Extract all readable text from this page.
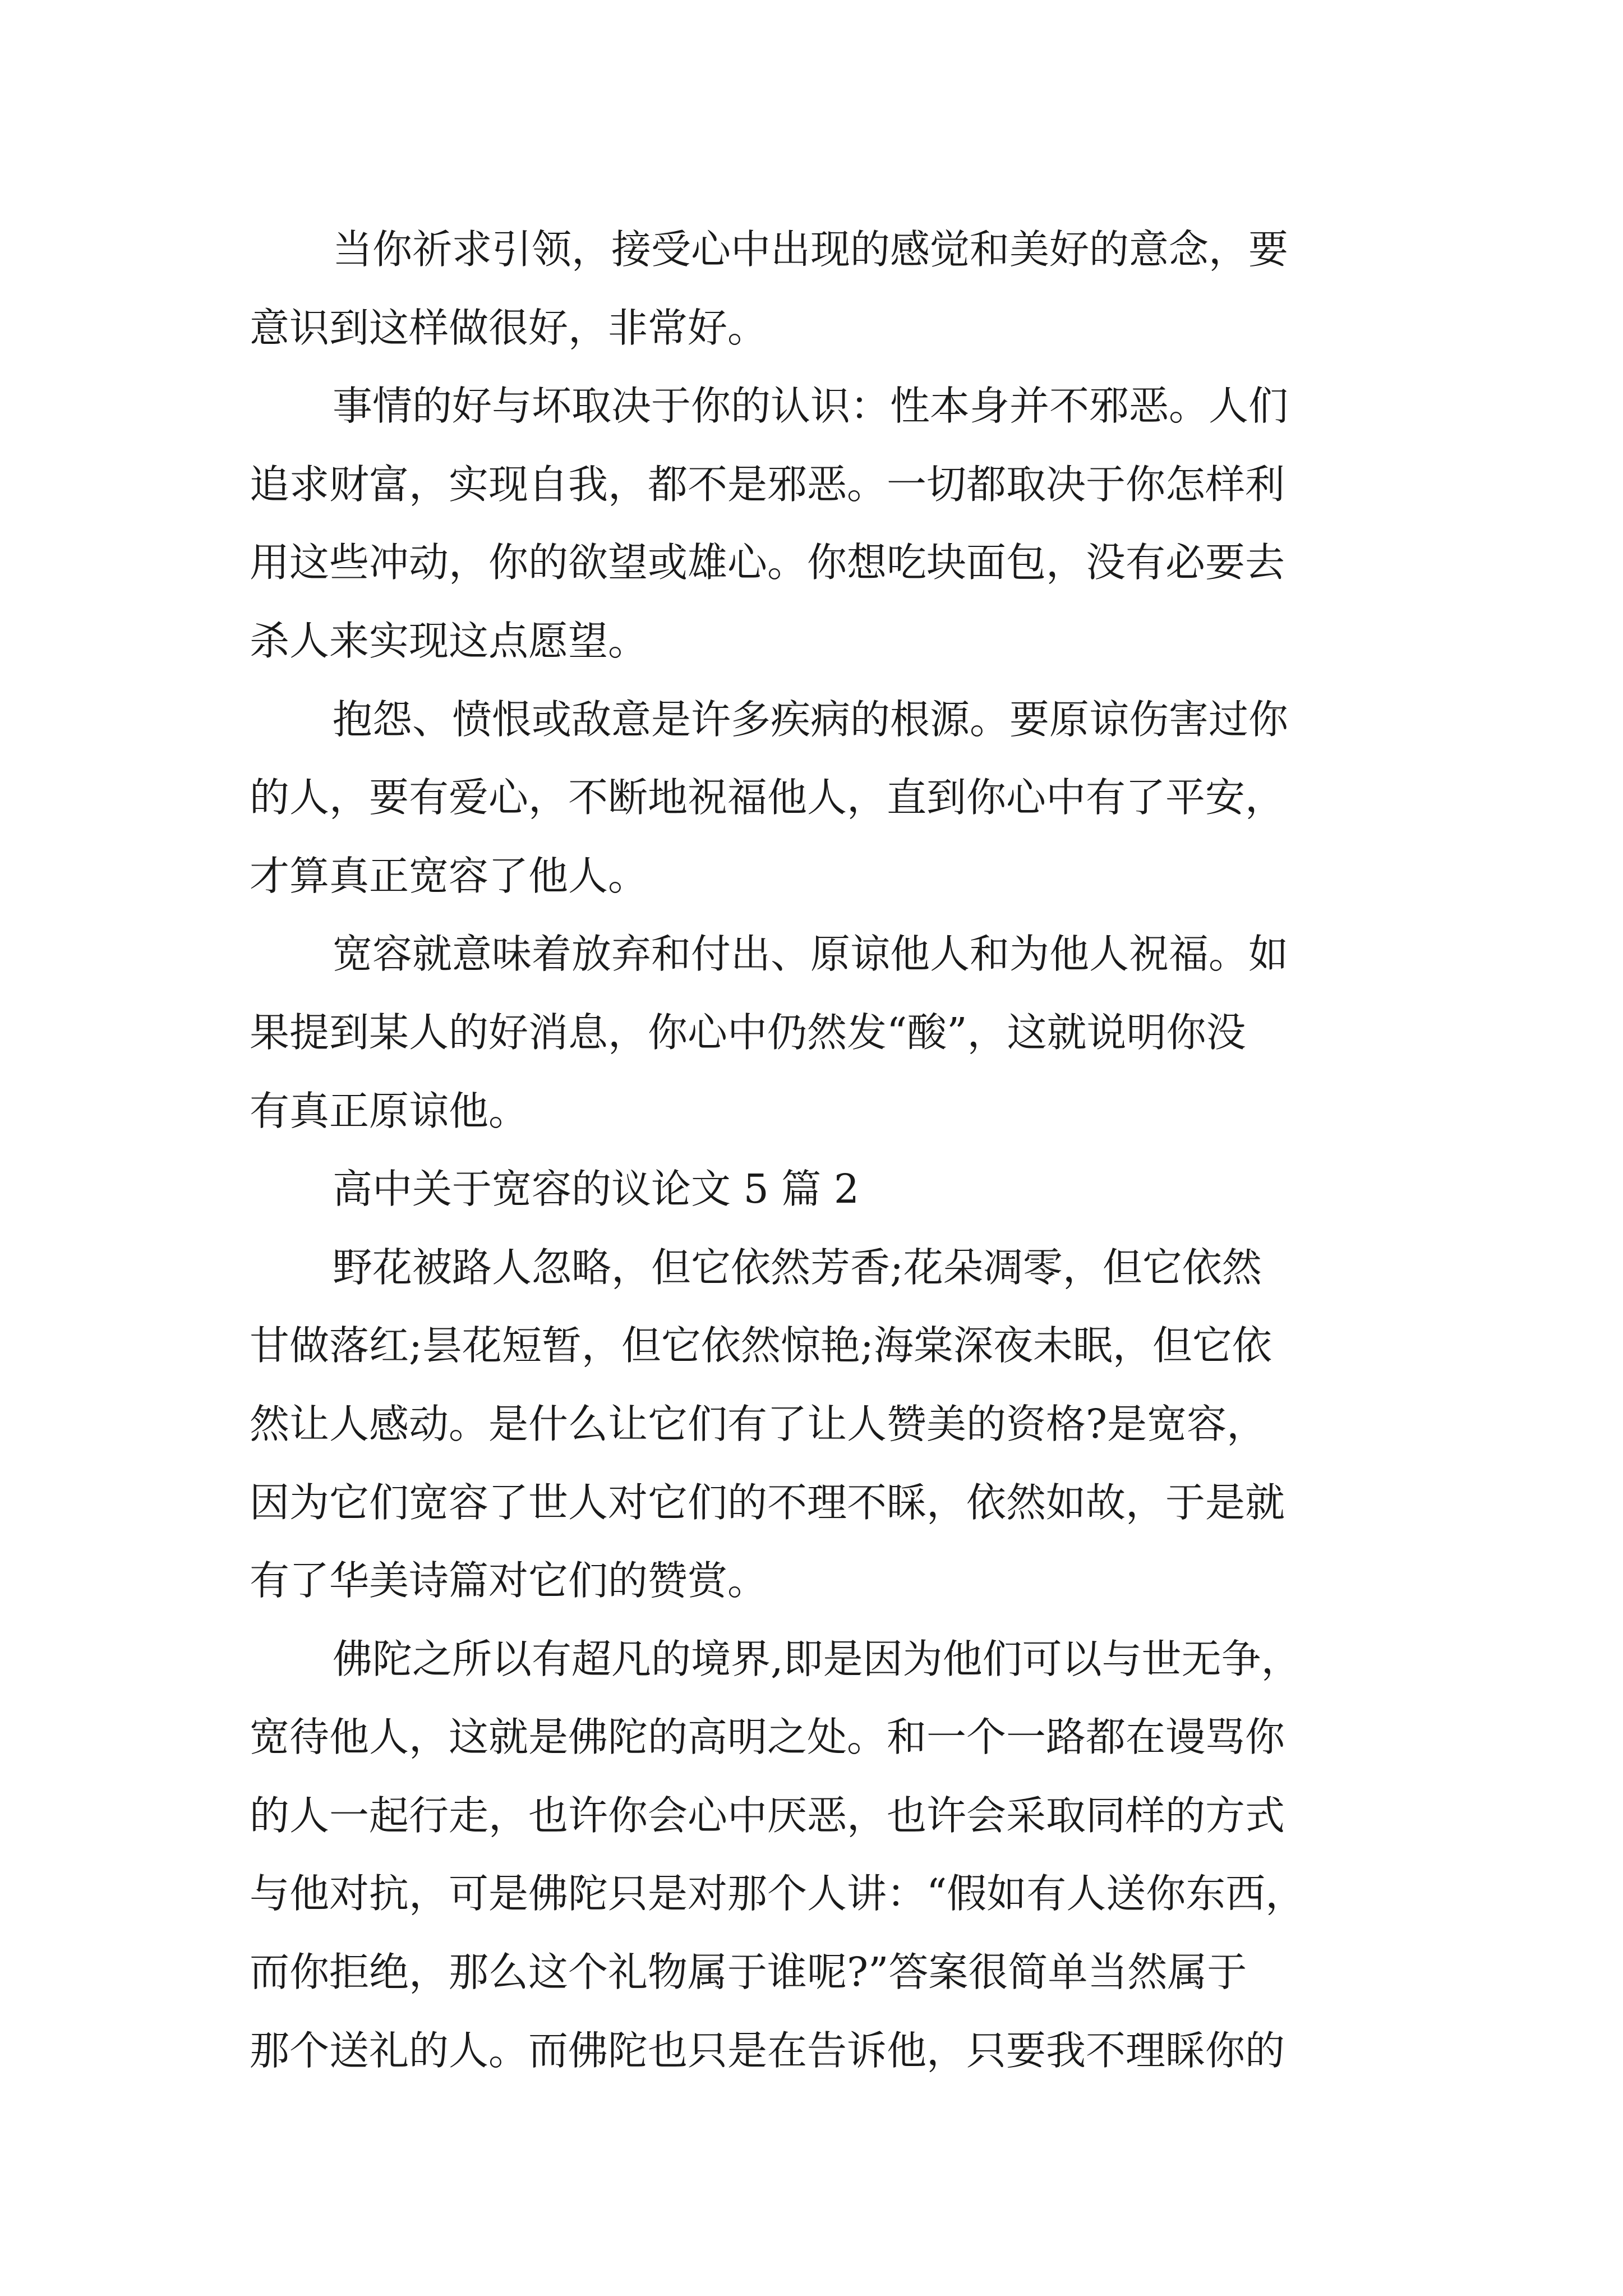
当你祈求引领，接受心中出现的感觉和美好的意念，要
意识到这样做很好，非常好。
事情的好与坏取决于你的认识：性本身并不邪恶。人们
追求财富，实现自我，都不是邪恶。一切都取决于你怎样利
用这些冲动，你的欲望或雄心。你想吃块面包，没有必要去
杀人来实现这点愿望。
抱怨、愤恨或敌意是许多疾病的根源。要原谅伤害过你
的人，要有爱心，不断地祝福他人，直到你心中有了平安，
才算真正宽容了他人。
宽容就意味着放弃和付出、原谅他人和为他人祝福。如
果提到某人的好消息，你心中仍然发“酸”，这就说明你没
有真正原谅他。
高中关于宽容的议论文 5 篇 2
野花被路人忽略，但它依然芳香;花朵凋零，但它依然
甘做落红;昙花短暂，但它依然惊艳;海棠深夜未眠，但它依
然让人感动。是什么让它们有了让人赞美的资格?是宽容，
因为它们宽容了世人对它们的不理不睬，依然如故，于是就
有了华美诗篇对它们的赞赏。
佛陀之所以有超凡的境界,即是因为他们可以与世无争，
宽待他人，这就是佛陀的高明之处。和一个一路都在谩骂你
的人一起行走，也许你会心中厌恶，也许会采取同样的方式
与他对抗，可是佛陀只是对那个人讲：“假如有人送你东西，
而你拒绝，那么这个礼物属于谁呢?”答案很简单当然属于
那个送礼的人。而佛陀也只是在告诉他，只要我不理睬你的
